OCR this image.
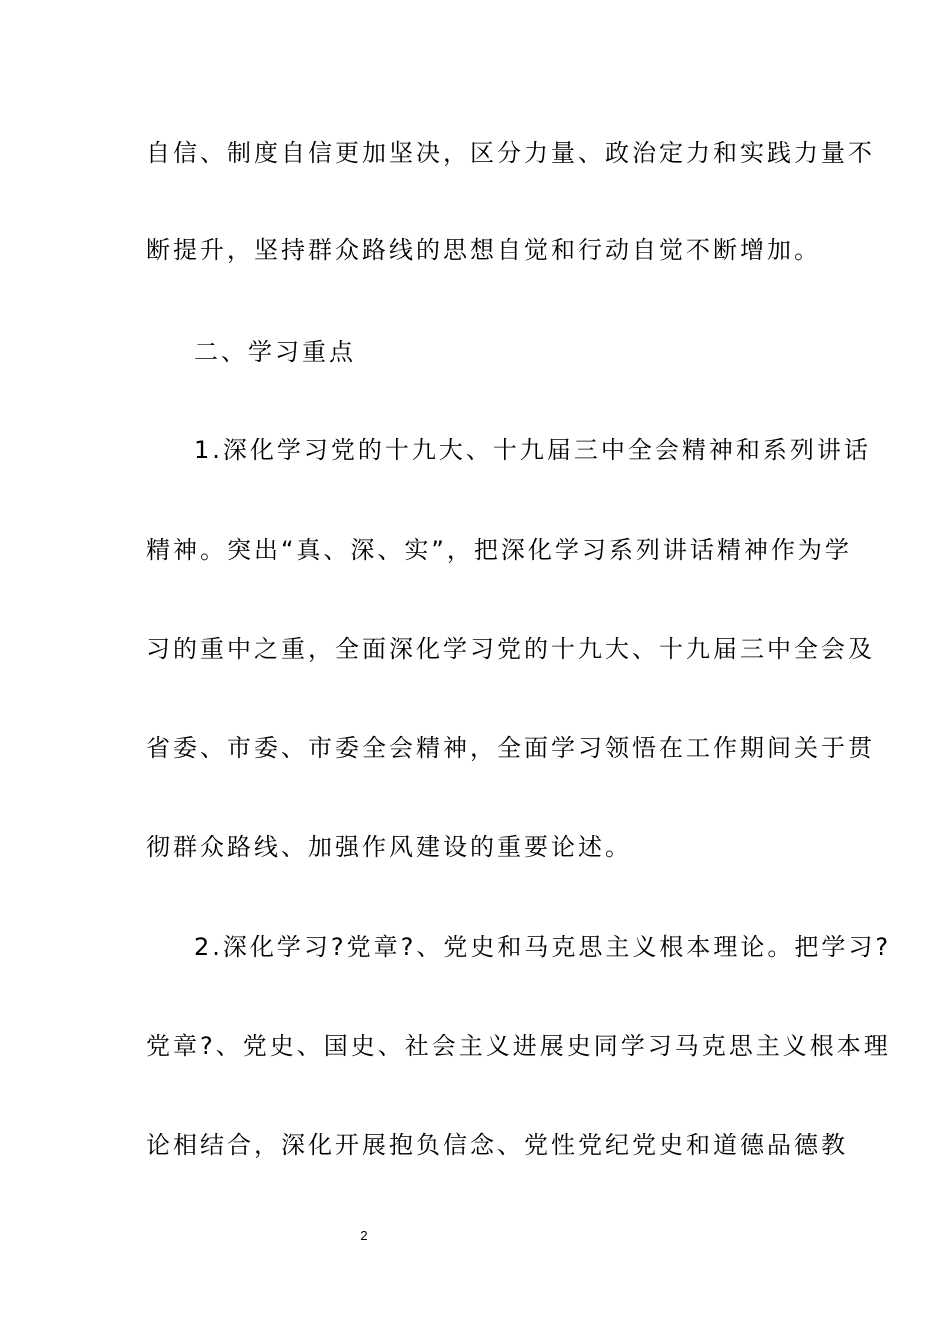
自信、制度自信更加坚决，区分力量、政治定力和实践力量不
断提升，坚持群众路线的思想自觉和行动自觉不断增加。
二、学习重点
1.深化学习党的十九大、十九届三中全会精神和系列讲话
精神。突出“真、深、实”，把深化学习系列讲话精神作为学
习的重中之重，全面深化学习党的十九大、十九届三中全会及
省委、市委、市委全会精神，全面学习领悟在工作期间关于贯
彻群众路线、加强作风建设的重要论述。
2.深化学习?党章?、党史和马克思主义根本理论。把学习?
党章?、党史、国史、社会主义进展史同学习马克思主义根本理
论相结合，深化开展抱负信念、党性党纪党史和道德品德教
2
